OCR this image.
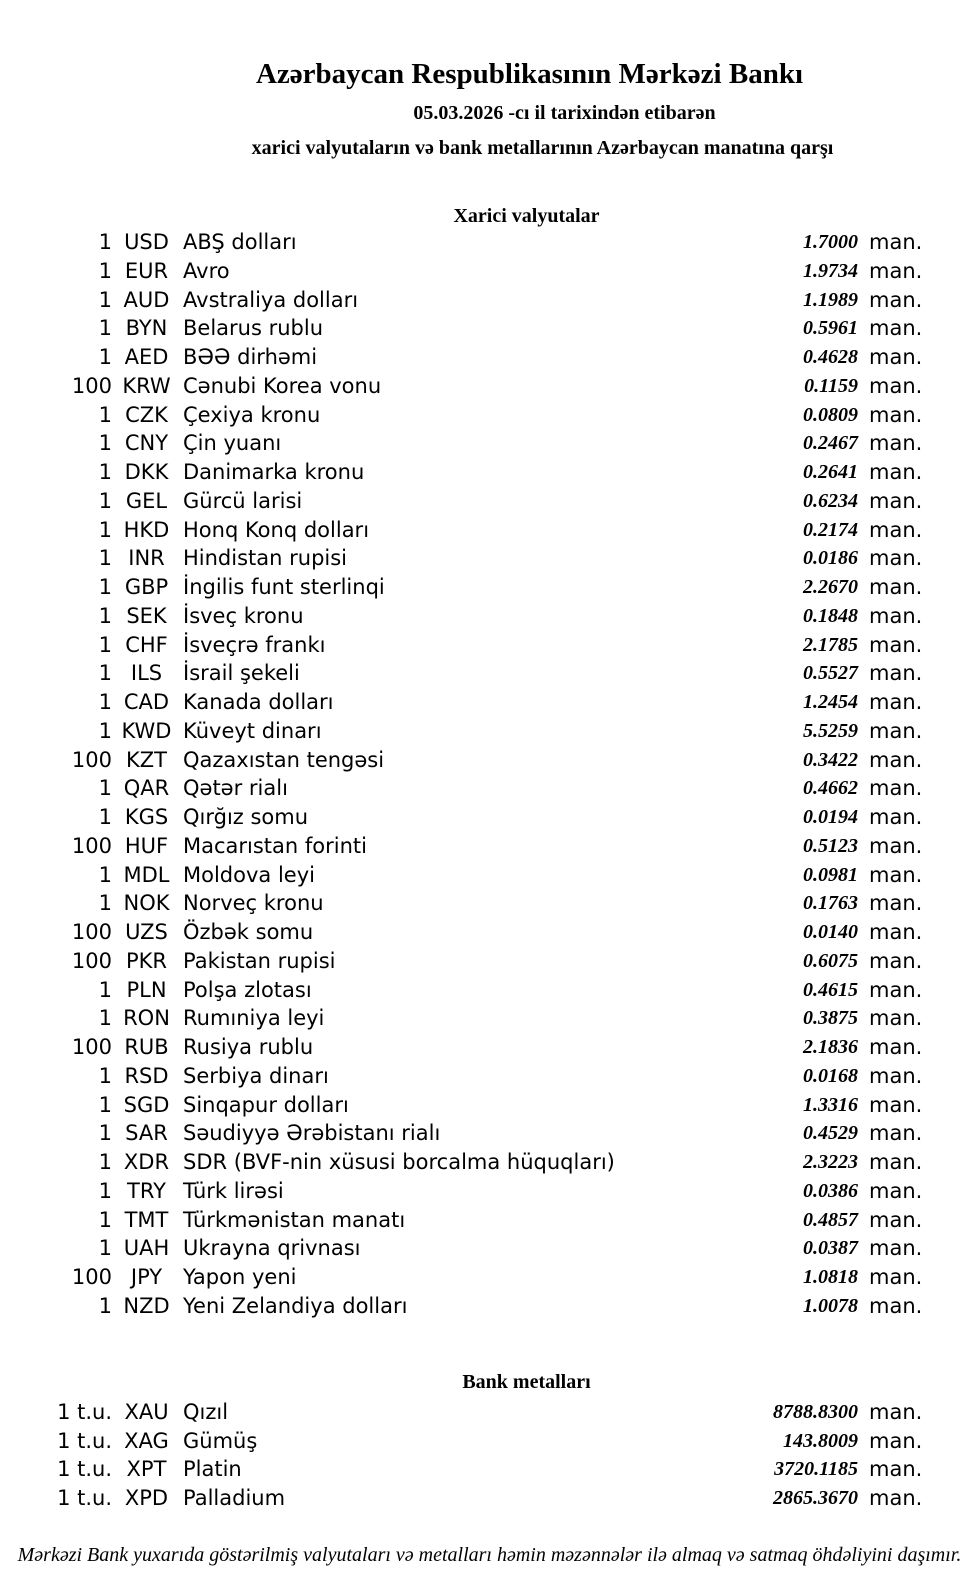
Azərbaycan Respublikasının Mərkəzi Bankı
05.03.2026 -cı il tarixindən etibarən
xarici valyutaların və bank metallarının Azərbaycan manatına qarşı
Xarici valyutalar
1 USD ABŞ dolları	1.7000 man.
1 EUR Avro	1.9734 man.
1 AUD Avstraliya dolları	1.1989 man.
1 BYN Belarus rublu	0.5961 man.
1 AED BƏƏ dirhəmi	0.4628 man.
100 KRW Cənubi Korea vonu	0.1159 man.
1 CZK Çexiya kronu	0.0809 man.
1 CNY Çin yuanı	0.2467 man.
1 DKK Danimarka kronu	0.2641 man.
1 GEL Gürcü larisi	0.6234 man.
1 HKD Honq Konq dolları	0.2174 man.
1 INR Hindistan rupisi	0.0186 man.
1 GBP İngilis funt sterlinqi	2.2670 man.
1 SEK İsveç kronu	0.1848 man.
1 CHF İsveçrə frankı	2.1785 man.
1 ILS İsrail şekeli	0.5527 man.
1 CAD Kanada dolları	1.2454 man.
1 KWD Küveyt dinarı	5.5259 man.
100 KZT Qazaxıstan tengəsi	0.3422 man.
1 QAR Qətər rialı	0.4662 man.
1 KGS Qırğız somu	0.0194 man.
100 HUF Macarıstan forinti	0.5123 man.
1 MDL Moldova leyi	0.0981 man.
1 NOK Norveç kronu	0.1763 man.
100 UZS Özbək somu	0.0140 man.
100 PKR Pakistan rupisi	0.6075 man.
1 PLN Polşa zlotası	0.4615 man.
1 RON Rumıniya leyi	0.3875 man.
100 RUB Rusiya rublu	2.1836 man.
1 RSD Serbiya dinarı	0.0168 man.
1 SGD Sinqapur dolları	1.3316 man.
1 SAR Səudiyyə Ərəbistanı rialı	0.4529 man.
1 XDR SDR (BVF-nin xüsusi borcalma hüquqları)	2.3223 man.
1 TRY Türk lirəsi	0.0386 man.
1 TMT Türkmənistan manatı	0.4857 man.
1 UAH Ukrayna qrivnası	0.0387 man.
100 JPY Yapon yeni	1.0818 man.
1 NZD Yeni Zelandiya dolları	1.0078 man.
Bank metalları
1 t.u. XAU Qızıl	8788.8300 man.
1 t.u. XAG Gümüş	143.8009 man.
1 t.u. XPT Platin	3720.1185 man.
1 t.u. XPD Palladium	2865.3670 man.
Mərkəzi Bank yuxarıda göstərilmiş valyutaları və metalları həmin məzənnələr ilə almaq və satmaq öhdəliyini daşımır.
